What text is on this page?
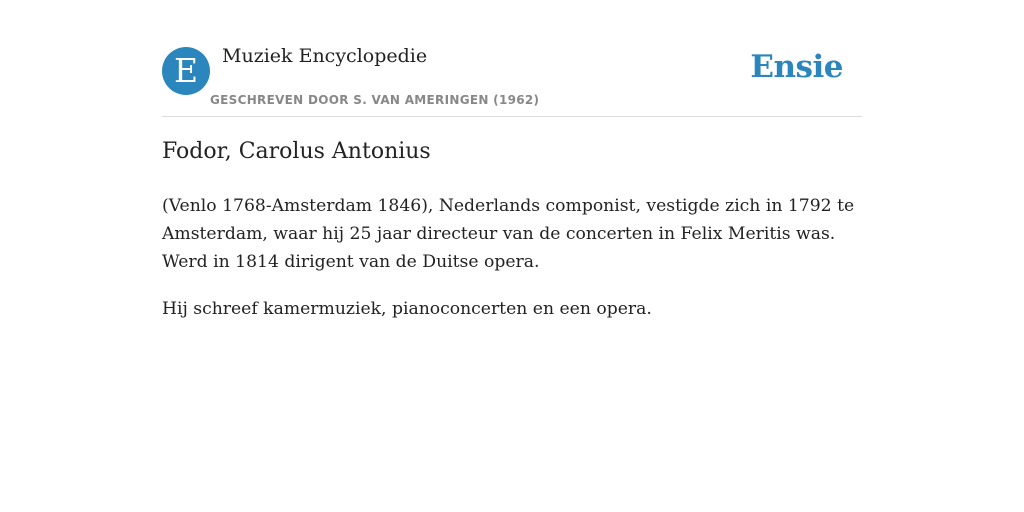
E	Muziek Encyclopedie
GESCHREVEN DOOR S. VAN AMERINGEN (1962)
Ensie
Fodor, Carolus Antonius

(Venlo 1768-Amsterdam 1846), Nederlands componist, vestigde zich in 1792 te Amsterdam, waar hij 25 jaar directeur van de concerten in Felix Meritis was. Werd in 1814 dirigent van de Duitse opera.

Hij schreef kamermuziek, pianoconcerten en een opera.
